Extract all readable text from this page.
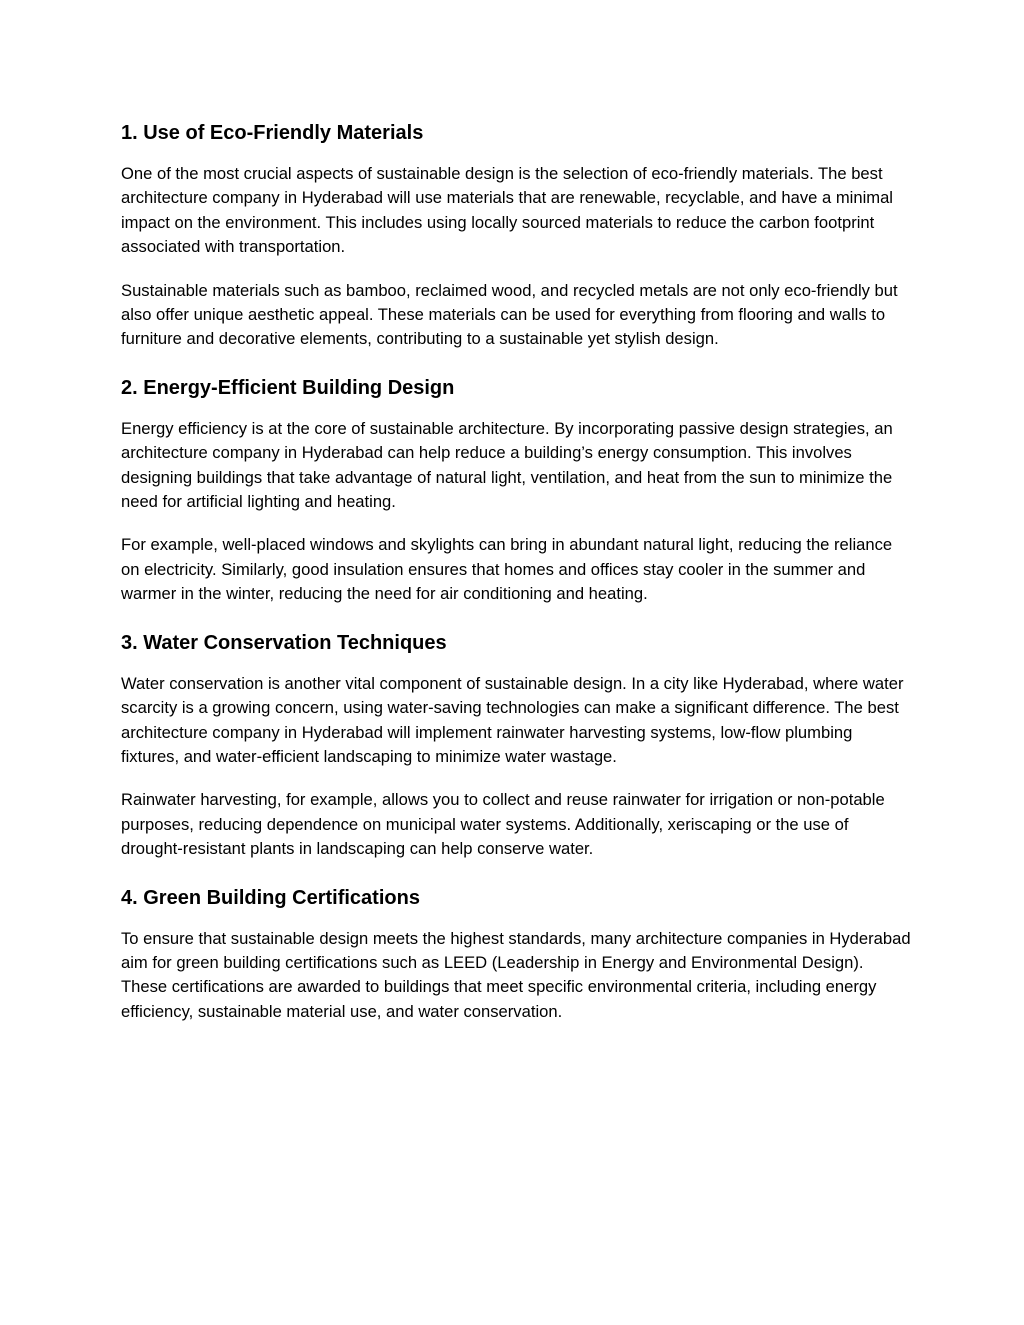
1. Use of Eco-Friendly Materials

One of the most crucial aspects of sustainable design is the selection of eco-friendly materials. The best architecture company in Hyderabad will use materials that are renewable, recyclable, and have a minimal impact on the environment. This includes using locally sourced materials to reduce the carbon footprint associated with transportation.

Sustainable materials such as bamboo, reclaimed wood, and recycled metals are not only eco-friendly but also offer unique aesthetic appeal. These materials can be used for everything from flooring and walls to furniture and decorative elements, contributing to a sustainable yet stylish design.

2. Energy-Efficient Building Design

Energy efficiency is at the core of sustainable architecture. By incorporating passive design strategies, an architecture company in Hyderabad can help reduce a building’s energy consumption. This involves designing buildings that take advantage of natural light, ventilation, and heat from the sun to minimize the need for artificial lighting and heating.

For example, well-placed windows and skylights can bring in abundant natural light, reducing the reliance on electricity. Similarly, good insulation ensures that homes and offices stay cooler in the summer and warmer in the winter, reducing the need for air conditioning and heating.

3. Water Conservation Techniques

Water conservation is another vital component of sustainable design. In a city like Hyderabad, where water scarcity is a growing concern, using water-saving technologies can make a significant difference. The best architecture company in Hyderabad will implement rainwater harvesting systems, low-flow plumbing fixtures, and water-efficient landscaping to minimize water wastage.

Rainwater harvesting, for example, allows you to collect and reuse rainwater for irrigation or non-potable purposes, reducing dependence on municipal water systems. Additionally, xeriscaping or the use of drought-resistant plants in landscaping can help conserve water.

4. Green Building Certifications

To ensure that sustainable design meets the highest standards, many architecture companies in Hyderabad aim for green building certifications such as LEED (Leadership in Energy and Environmental Design). These certifications are awarded to buildings that meet specific environmental criteria, including energy efficiency, sustainable material use, and water conservation.
